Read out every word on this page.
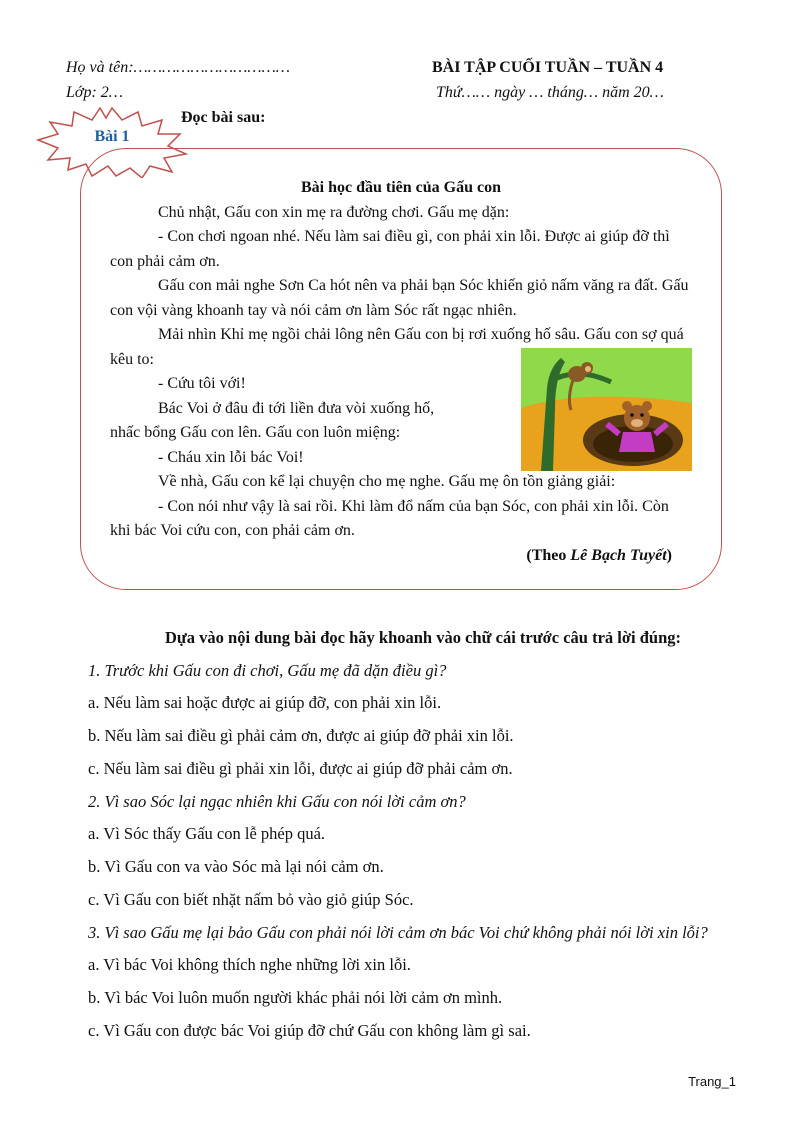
Họ và tên:……………………………
Lớp: 2…
BÀI TẬP CUỐI TUẦN – TUẦN 4
Thứ…… ngày … tháng… năm 20…
Bài 1
Đọc bài sau:

Bài học đầu tiên của Gấu con

Chủ nhật, Gấu con xin mẹ ra đường chơi. Gấu mẹ dặn:

- Con chơi ngoan nhé. Nếu làm sai điều gì, con phải xin lỗi. Được ai giúp đỡ thì con phải cảm ơn.

Gấu con mải nghe Sơn Ca hót nên va phải bạn Sóc khiến giỏ nấm văng ra đất. Gấu con vội vàng khoanh tay và nói cảm ơn làm Sóc rất ngạc nhiên.

Mải nhìn Khỉ mẹ ngồi chải lông nên Gấu con bị rơi xuống hố sâu. Gấu con sợ quá kêu to:

- Cứu tôi với!

Bác Voi ở đâu đi tới liền đưa vòi xuống hố, nhấc bổng Gấu con lên. Gấu con luôn miệng:

- Cháu xin lỗi bác Voi!

Về nhà, Gấu con kể lại chuyện cho mẹ nghe. Gấu mẹ ôn tồn giảng giải:

- Con nói như vậy là sai rồi. Khi làm đổ nấm của bạn Sóc, con phải xin lỗi. Còn khi bác Voi cứu con, con phải cảm ơn.

(Theo Lê Bạch Tuyết)

Dựa vào nội dung bài đọc hãy khoanh vào chữ cái trước câu trả lời đúng:

1. Trước khi Gấu con đi chơi, Gấu mẹ đã dặn điều gì?

a. Nếu làm sai hoặc được ai giúp đỡ, con phải xin lỗi.

b. Nếu làm sai điều gì phải cảm ơn, được ai giúp đỡ phải xin lỗi.

c. Nếu làm sai điều gì phải xin lỗi, được ai giúp đỡ phải cảm ơn.

2. Vì sao Sóc lại ngạc nhiên khi Gấu con nói lời cảm ơn?

a. Vì Sóc thấy Gấu con lễ phép quá.

b. Vì Gấu con va vào Sóc mà lại nói cảm ơn.

c. Vì Gấu con biết nhặt nấm bỏ vào giỏ giúp Sóc.

3. Vì sao Gấu mẹ lại bảo Gấu con phải nói lời cảm ơn bác Voi chứ không phải nói lời xin lỗi?

a. Vì bác Voi không thích nghe những lời xin lỗi.

b. Vì bác Voi luôn muốn người khác phải nói lời cảm ơn mình.

c. Vì Gấu con được bác Voi giúp đỡ chứ Gấu con không làm gì sai.

Trang_1
